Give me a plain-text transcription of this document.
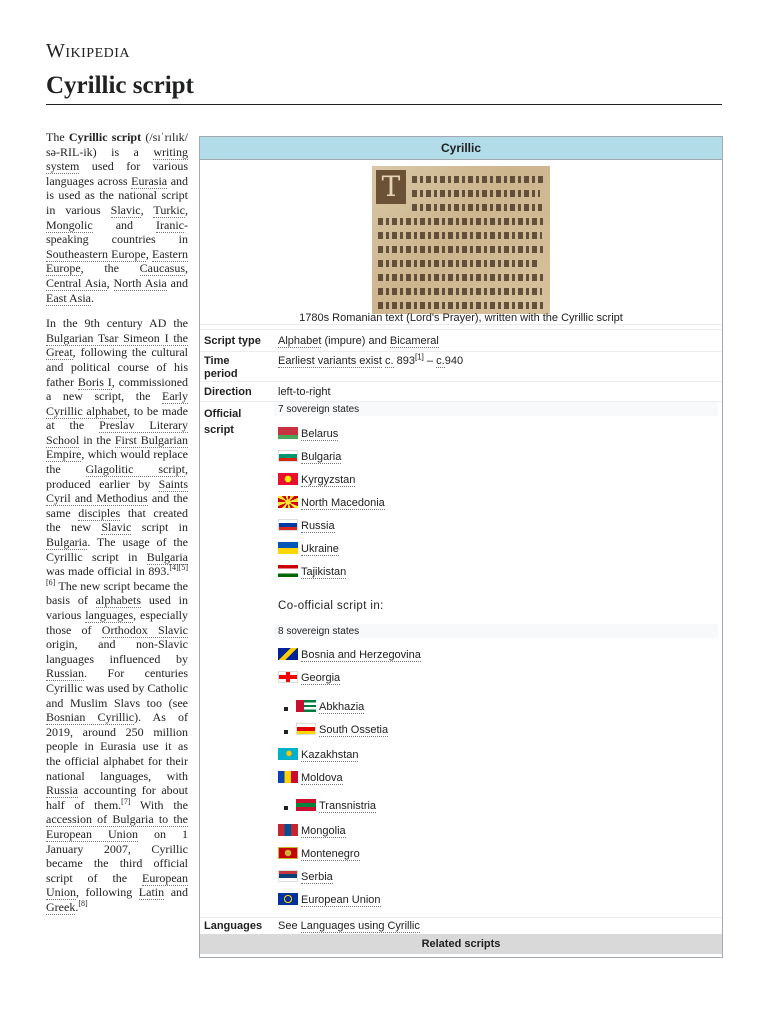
Wikipedia
Cyrillic script

The Cyrillic script (/sɪˈrɪlɪk/ sə-RIL-ik) is a writing system used for various languages across Eurasia and is used as the national script in various Slavic, Turkic, Mongolic and Iranic-speaking countries in Southeastern Europe, Eastern Europe, the Caucasus, Central Asia, North Asia and East Asia.

In the 9th century AD the Bulgarian Tsar Simeon I the Great, following the cultural and political course of his father Boris I, commissioned a new script, the Early Cyrillic alphabet, to be made at the Preslav Literary School in the First Bulgarian Empire, which would replace the Glagolitic script, produced earlier by Saints Cyril and Methodius and the same disciples that created the new Slavic script in Bulgaria. The usage of the Cyrillic script in Bulgaria was made official in 893.[4][5][6] The new script became the basis of alphabets used in various languages, especially those of Orthodox Slavic origin, and non-Slavic languages influenced by Russian. For centuries Cyrillic was used by Catholic and Muslim Slavs too (see Bosnian Cyrillic). As of 2019, around 250 million people in Eurasia use it as the official alphabet for their national languages, with Russia accounting for about half of them.[7] With the accession of Bulgaria to the European Union on 1 January 2007, Cyrillic became the third official script of the European Union, following Latin and Greek.[8]

Cyrillic
Т
1780s Romanian text (Lord's Prayer), written with the Cyrillic script
Script type Alphabet (impure) and Bicameral
Time period
Earliest variants exist c. 893[1] – c.940
Direction left-to-right
Official script
7 sovereign states
Belarus
Bulgaria
Kyrgyzstan
North Macedonia
Russia
Ukraine
Tajikistan
Co-official script in:
8 sovereign states
Bosnia and Herzegovina
Georgia
Abkhazia
South Ossetia
Kazakhstan
Moldova
Transnistria
Mongolia
Montenegro
Serbia
European Union
Languages See Languages using Cyrillic
Related scripts
